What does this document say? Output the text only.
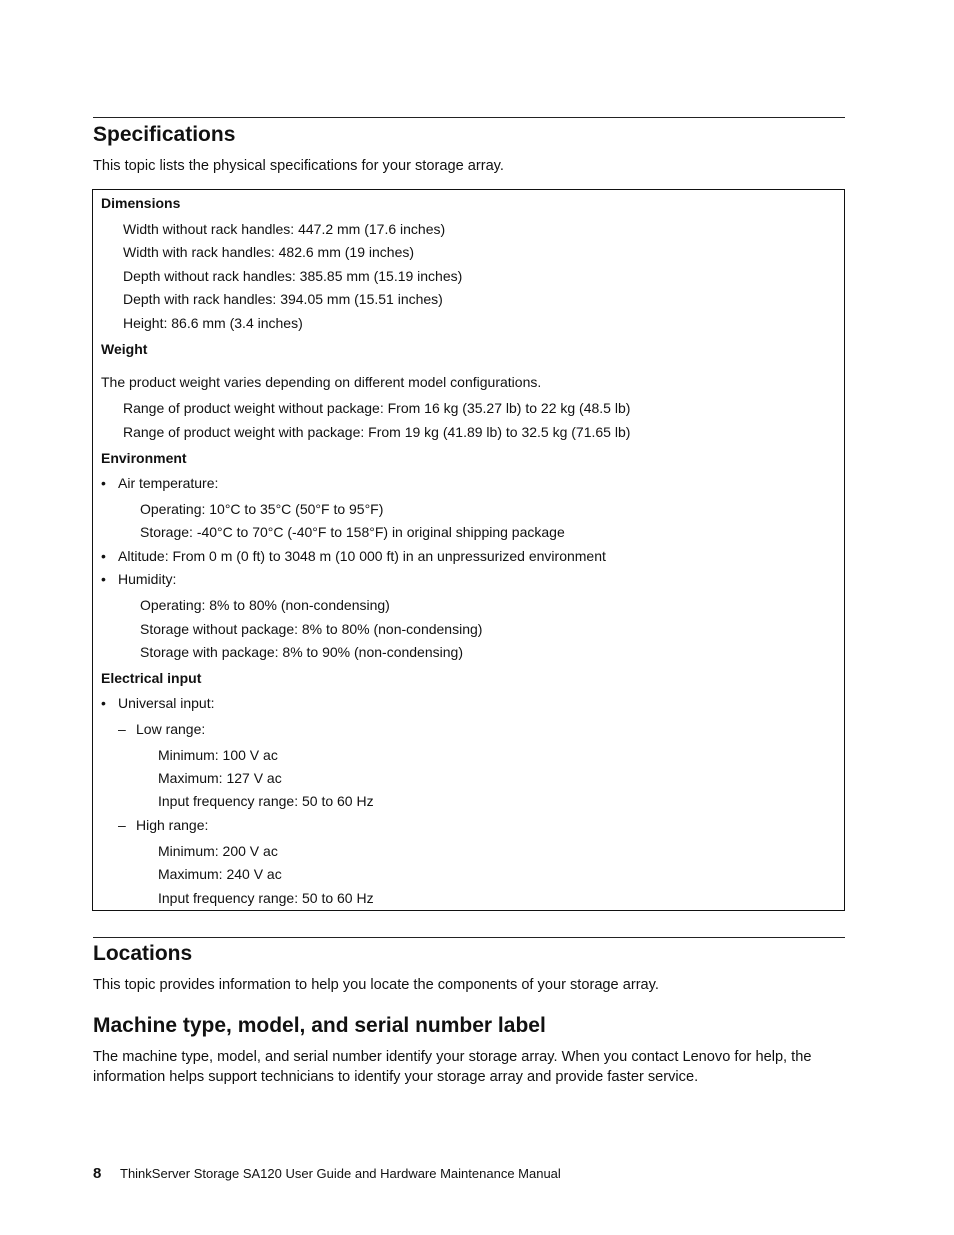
Specifications

This topic lists the physical specifications for your storage array.

Dimensions
Width without rack handles: 447.2 mm (17.6 inches)
Width with rack handles: 482.6 mm (19 inches)
Depth without rack handles: 385.85 mm (15.19 inches)
Depth with rack handles: 394.05 mm (15.51 inches)
Height: 86.6 mm (3.4 inches)
Weight
The product weight varies depending on different model configurations.
Range of product weight without package: From 16 kg (35.27 lb) to 22 kg (48.5 lb)
Range of product weight with package: From 19 kg (41.89 lb) to 32.5 kg (71.65 lb)
Environment
• Air temperature:
Operating: 10°C to 35°C (50°F to 95°F)
Storage: -40°C to 70°C (-40°F to 158°F) in original shipping package
• Altitude: From 0 m (0 ft) to 3048 m (10 000 ft) in an unpressurized environment
• Humidity:
Operating: 8% to 80% (non-condensing)
Storage without package: 8% to 80% (non-condensing)
Storage with package: 8% to 90% (non-condensing)
Electrical input
• Universal input:
– Low range:
Minimum: 100 V ac
Maximum: 127 V ac
Input frequency range: 50 to 60 Hz
– High range:
Minimum: 200 V ac
Maximum: 240 V ac
Input frequency range: 50 to 60 Hz
Locations

This topic provides information to help you locate the components of your storage array.

Machine type, model, and serial number label

The machine type, model, and serial number identify your storage array. When you contact Lenovo for help, the information helps support technicians to identify your storage array and provide faster service.

8 ThinkServer Storage SA120 User Guide and Hardware Maintenance Manual
